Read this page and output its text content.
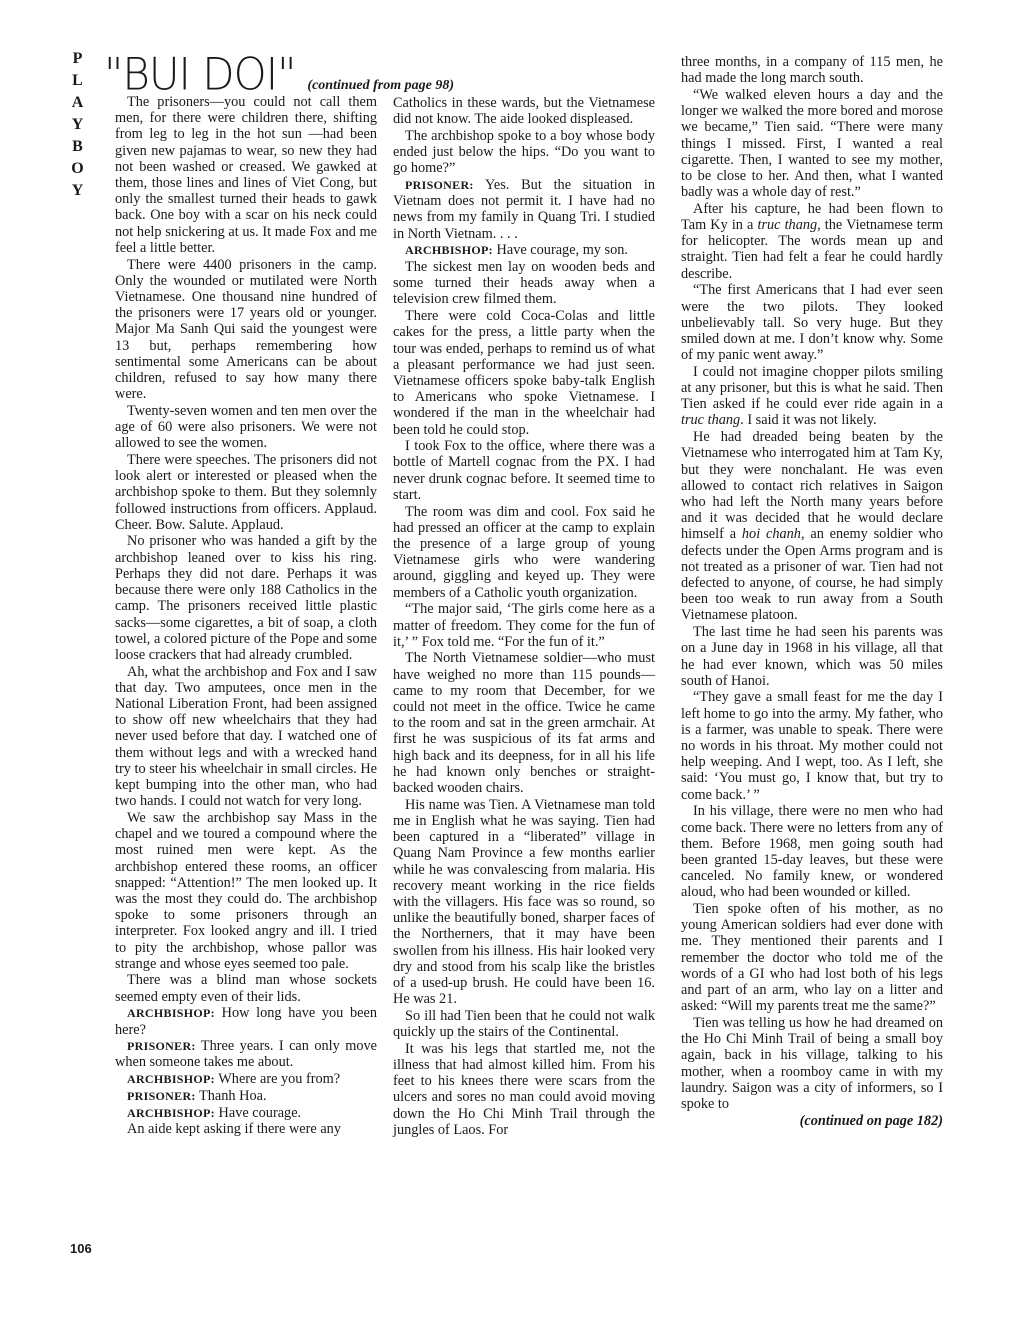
P
L
A
Y
B
O
Y
"BUI DOI" (continued from page 98)

The prisoners—you could not call them men, for there were children there, shifting from leg to leg in the hot sun —had been given new pajamas to wear, so new they had not been washed or creased. We gawked at them, those lines and lines of Viet Cong, but only the smallest turned their heads to gawk back. One boy with a scar on his neck could not help snickering at us. It made Fox and me feel a little better.

There were 4400 prisoners in the camp. Only the wounded or mutilated were North Vietnamese. One thousand nine hundred of the prisoners were 17 years old or younger. Major Ma Sanh Qui said the youngest were 13 but, perhaps remembering how sentimental some Americans can be about children, refused to say how many there were.

Twenty-seven women and ten men over the age of 60 were also prisoners. We were not allowed to see the women.

There were speeches. The prisoners did not look alert or interested or pleased when the archbishop spoke to them. But they solemnly followed instructions from officers. Applaud. Cheer. Bow. Salute. Applaud.

No prisoner who was handed a gift by the archbishop leaned over to kiss his ring. Perhaps they did not dare. Perhaps it was because there were only 188 Catholics in the camp. The prisoners received little plastic sacks—some cigarettes, a bit of soap, a cloth towel, a colored picture of the Pope and some loose crackers that had already crumbled.

Ah, what the archbishop and Fox and I saw that day. Two amputees, once men in the National Liberation Front, had been assigned to show off new wheelchairs that they had never used before that day. I watched one of them without legs and with a wrecked hand try to steer his wheelchair in small circles. He kept bumping into the other man, who had two hands. I could not watch for very long.

We saw the archbishop say Mass in the chapel and we toured a compound where the most ruined men were kept. As the archbishop entered these rooms, an officer snapped: “Attention!” The men looked up. It was the most they could do. The archbishop spoke to some prisoners through an interpreter. Fox looked angry and ill. I tried to pity the archbishop, whose pallor was strange and whose eyes seemed too pale.

There was a blind man whose sockets seemed empty even of their lids.

ARCHBISHOP: How long have you been here?

PRISONER: Three years. I can only move when someone takes me about.

ARCHBISHOP: Where are you from?

PRISONER: Thanh Hoa.

ARCHBISHOP: Have courage.

An aide kept asking if there were any

Catholics in these wards, but the Vietnamese did not know. The aide looked displeased.

The archbishop spoke to a boy whose body ended just below the hips. “Do you want to go home?”

PRISONER: Yes. But the situation in Vietnam does not permit it. I have had no news from my family in Quang Tri. I studied in North Vietnam. . . .

ARCHBISHOP: Have courage, my son.

The sickest men lay on wooden beds and some turned their heads away when a television crew filmed them.

There were cold Coca-Colas and little cakes for the press, a little party when the tour was ended, perhaps to remind us of what a pleasant performance we had just seen. Vietnamese officers spoke baby-talk English to Americans who spoke Vietnamese. I wondered if the man in the wheelchair had been told he could stop.

I took Fox to the office, where there was a bottle of Martell cognac from the PX. I had never drunk cognac before. It seemed time to start.

The room was dim and cool. Fox said he had pressed an officer at the camp to explain the presence of a large group of young Vietnamese girls who were wandering around, giggling and keyed up. They were members of a Catholic youth organization.

“The major said, ‘The girls come here as a matter of freedom. They come for the fun of it,’ ” Fox told me. “For the fun of it.”

The North Vietnamese soldier—who must have weighed no more than 115 pounds—came to my room that December, for we could not meet in the office. Twice he came to the room and sat in the green armchair. At first he was suspicious of its fat arms and high back and its deepness, for in all his life he had known only benches or straight-backed wooden chairs.

His name was Tien. A Vietnamese man told me in English what he was saying. Tien had been captured in a “liberated” village in Quang Nam Province a few months earlier while he was convalescing from malaria. His recovery meant working in the rice fields with the villagers. His face was so round, so unlike the beautifully boned, sharper faces of the Northerners, that it may have been swollen from his illness. His hair looked very dry and stood from his scalp like the bristles of a used-up brush. He could have been 16. He was 21.

So ill had Tien been that he could not walk quickly up the stairs of the Continental.

It was his legs that startled me, not the illness that had almost killed him. From his feet to his knees there were scars from the ulcers and sores no man could avoid moving down the Ho Chi Minh Trail through the jungles of Laos. For

three months, in a company of 115 men, he had made the long march south.

“We walked eleven hours a day and the longer we walked the more bored and morose we became,” Tien said. “There were many things I missed. First, I wanted a real cigarette. Then, I wanted to see my mother, to be close to her. And then, what I wanted badly was a whole day of rest.”

After his capture, he had been flown to Tam Ky in a truc thang, the Vietnamese term for helicopter. The words mean up and straight. Tien had felt a fear he could hardly describe.

“The first Americans that I had ever seen were the two pilots. They looked unbelievably tall. So very huge. But they smiled down at me. I don’t know why. Some of my panic went away.”

I could not imagine chopper pilots smiling at any prisoner, but this is what he said. Then Tien asked if he could ever ride again in a truc thang. I said it was not likely.

He had dreaded being beaten by the Vietnamese who interrogated him at Tam Ky, but they were nonchalant. He was even allowed to contact rich relatives in Saigon who had left the North many years before and it was decided that he would declare himself a hoi chanh, an enemy soldier who defects under the Open Arms program and is not treated as a prisoner of war. Tien had not defected to anyone, of course, he had simply been too weak to run away from a South Vietnamese platoon.

The last time he had seen his parents was on a June day in 1968 in his village, all that he had ever known, which was 50 miles south of Hanoi.

“They gave a small feast for me the day I left home to go into the army. My father, who is a farmer, was unable to speak. There were no words in his throat. My mother could not help weeping. And I wept, too. As I left, she said: ‘You must go, I know that, but try to come back.’ ”

In his village, there were no men who had come back. There were no letters from any of them. Before 1968, men going south had been granted 15-day leaves, but these were canceled. No family knew, or wondered aloud, who had been wounded or killed.

Tien spoke often of his mother, as no young American soldiers had ever done with me. They mentioned their parents and I remember the doctor who told me of the words of a GI who had lost both of his legs and part of an arm, who lay on a litter and asked: “Will my parents treat me the same?”

Tien was telling us how he had dreamed on the Ho Chi Minh Trail of being a small boy again, back in his village, talking to his mother, when a roomboy came in with my laundry. Saigon was a city of informers, so I spoke to

(continued on page 182)

106
